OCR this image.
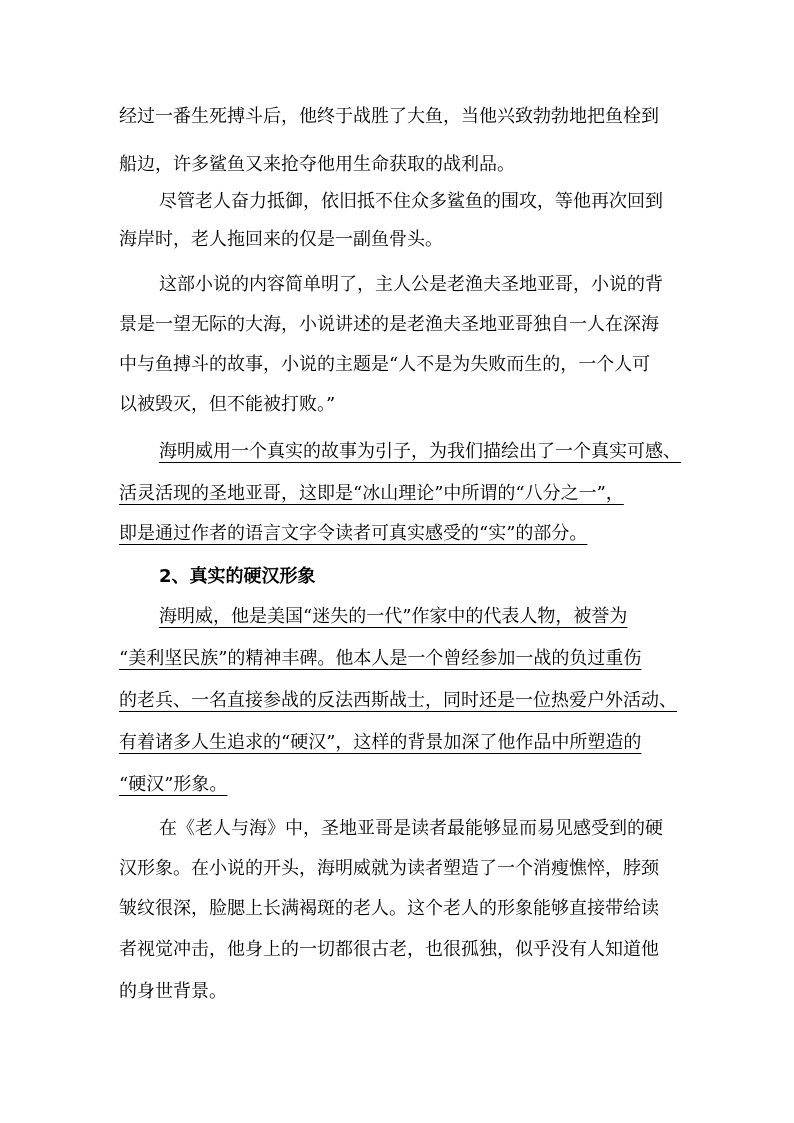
经过一番生死搏斗后，他终于战胜了大鱼，当他兴致勃勃地把鱼栓到
船边，许多鲨鱼又来抢夺他用生命获取的战利品。
尽管老人奋力抵御，依旧抵不住众多鲨鱼的围攻，等他再次回到
海岸时，老人拖回来的仅是一副鱼骨头。
这部小说的内容简单明了，主人公是老渔夫圣地亚哥，小说的背
景是一望无际的大海，小说讲述的是老渔夫圣地亚哥独自一人在深海
中与鱼搏斗的故事，小说的主题是“人不是为失败而生的，一个人可
以被毁灭，但不能被打败。”
海明威用一个真实的故事为引子，为我们描绘出了一个真实可感、
活灵活现的圣地亚哥，这即是“冰山理论”中所谓的“八分之一”，
即是通过作者的语言文字令读者可真实感受的“实”的部分。
2、真实的硬汉形象
海明威，他是美国“迷失的一代”作家中的代表人物，被誉为
“美利坚民族”的精神丰碑。他本人是一个曾经参加一战的负过重伤
的老兵、一名直接参战的反法西斯战士，同时还是一位热爱户外活动、
有着诸多人生追求的“硬汉”，这样的背景加深了他作品中所塑造的
“硬汉”形象。
在《老人与海》中，圣地亚哥是读者最能够显而易见感受到的硬
汉形象。在小说的开头，海明威就为读者塑造了一个消瘦憔悴，脖颈
皱纹很深，脸腮上长满褐斑的老人。这个老人的形象能够直接带给读
者视觉冲击，他身上的一切都很古老，也很孤独，似乎没有人知道他
的身世背景。
